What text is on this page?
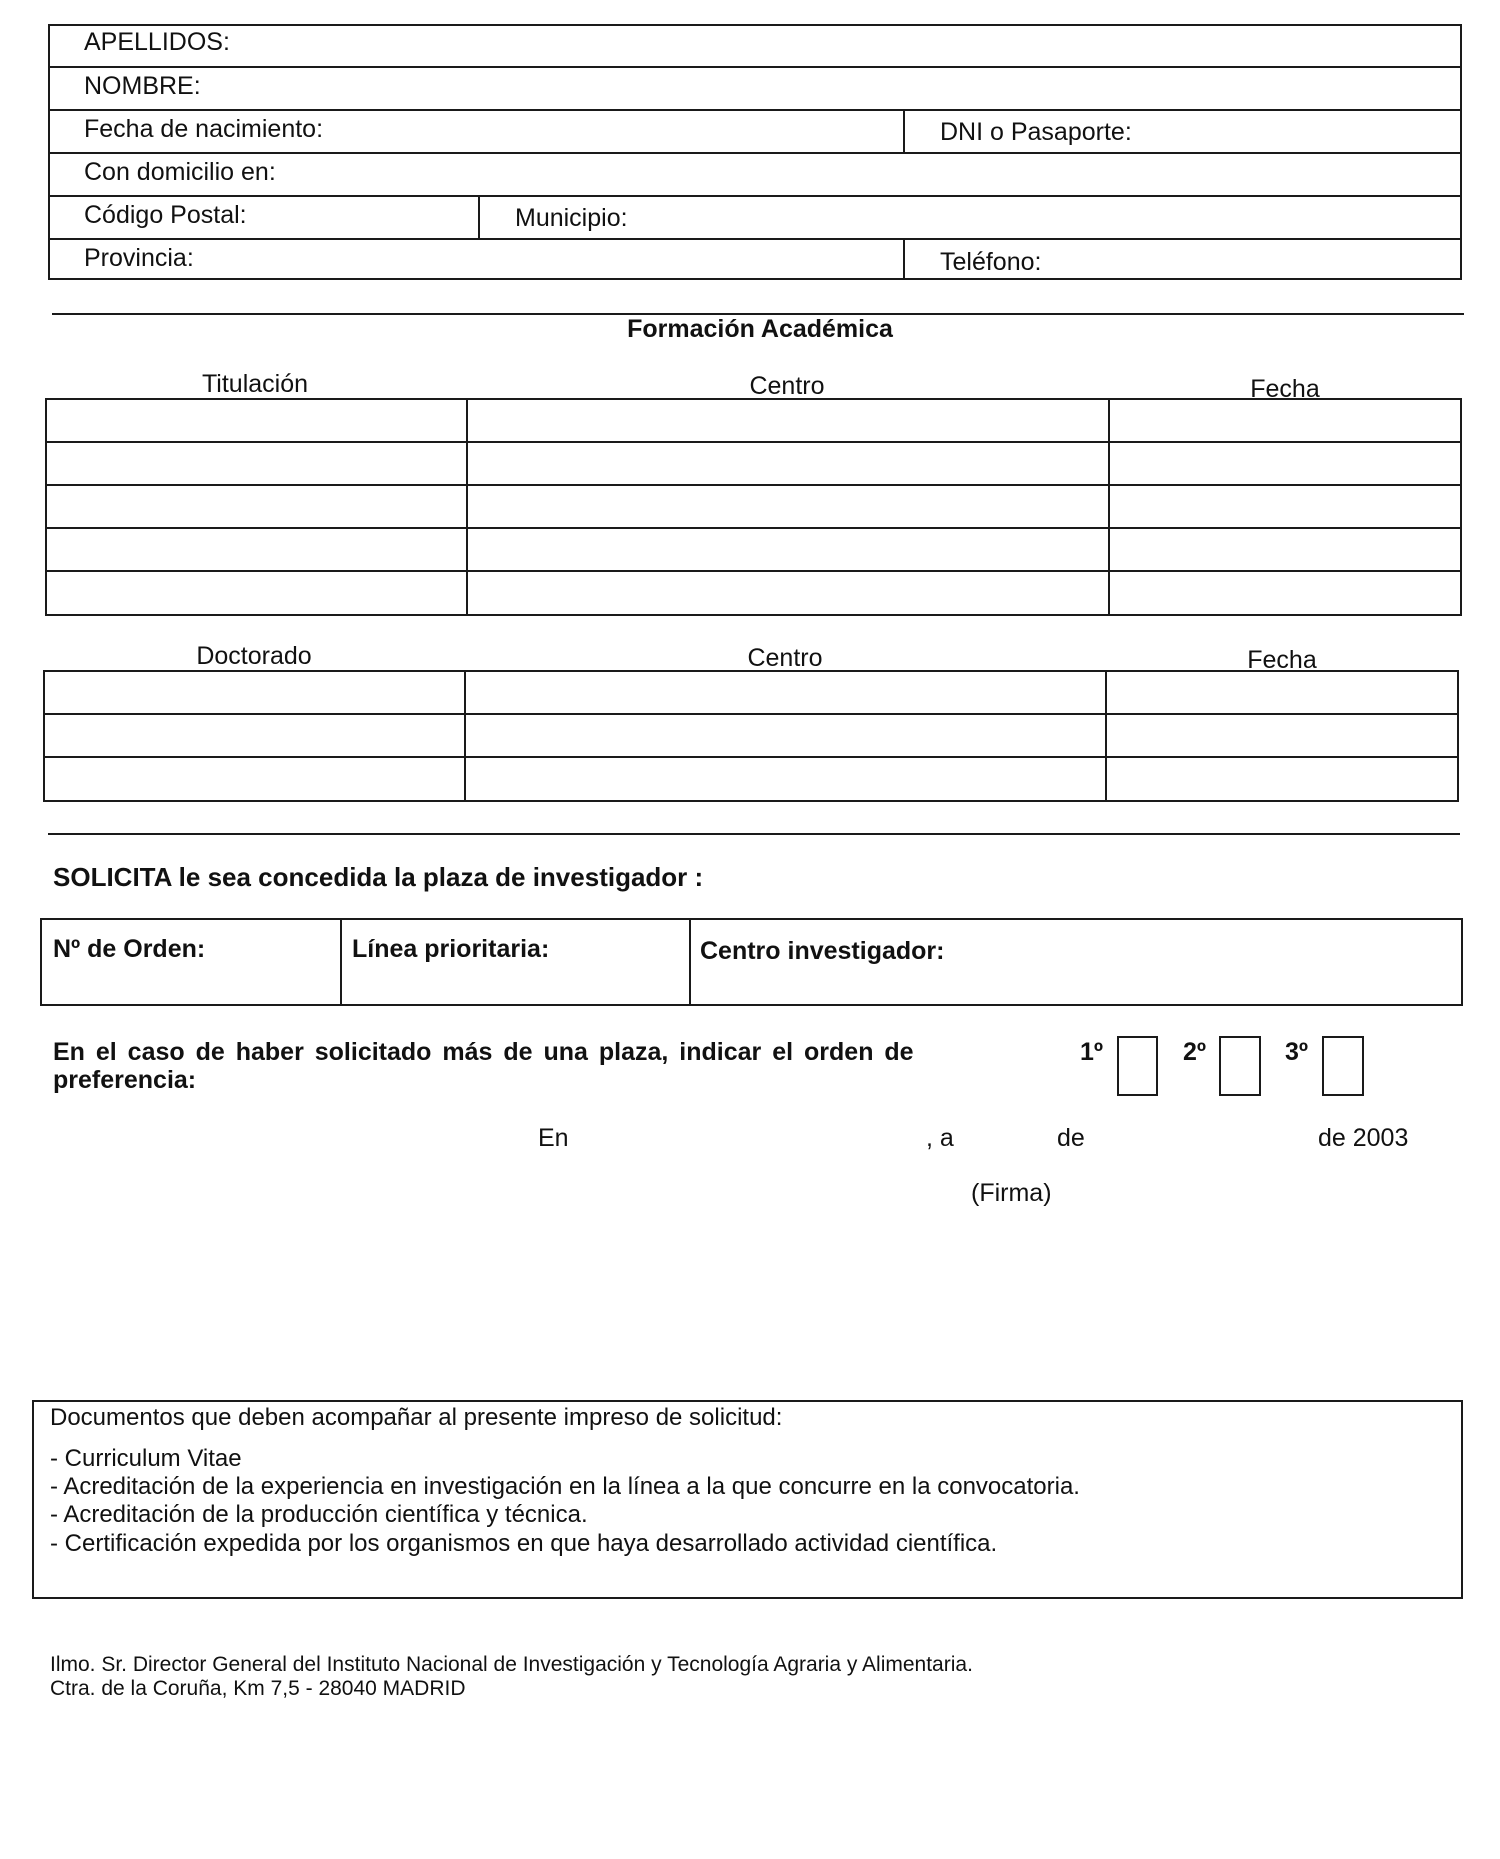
APELLIDOS:
NOMBRE:
Fecha de nacimiento:	DNI o Pasaporte:
Con domicilio en:
Código Postal:	Municipio:
Provincia:	Teléfono:
Formación Académica
Titulación	Centro	Fecha
Doctorado	Centro	Fecha
SOLICITA le sea concedida la plaza de investigador :
Nº de Orden:	Línea prioritaria:	Centro investigador:
En el caso de haber solicitado más de una plaza, indicar el orden de
preferencia:
1º	2º	3º
En	, a	de	de 2003
(Firma)
Documentos que deben acompañar al presente impreso de solicitud:
- Curriculum Vitae
- Acreditación de la experiencia en investigación en la línea a la que concurre en la convocatoria.
- Acreditación de la producción científica y técnica.
- Certificación expedida por los organismos en que haya desarrollado actividad científica.
Ilmo. Sr. Director General del Instituto Nacional de Investigación y Tecnología Agraria y Alimentaria.
Ctra. de la Coruña, Km 7,5 - 28040 MADRID
